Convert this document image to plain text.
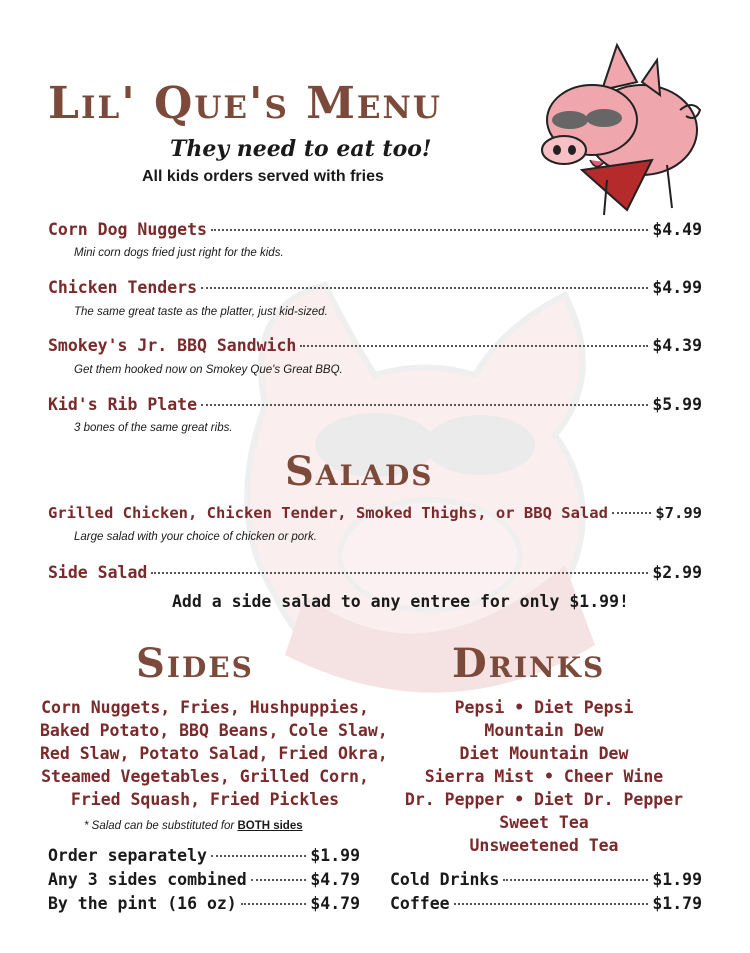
Lil' Que's Menu
They need to eat too!
All kids orders served with fries
Corn Dog Nuggets	$4.49
Mini corn dogs fried just right for the kids.
Chicken Tenders	$4.99
The same great taste as the platter, just kid-sized.
Smokey's Jr. BBQ Sandwich	$4.39
Get them hooked now on Smokey Que's Great BBQ.
Kid's Rib Plate	$5.99
3 bones of the same great ribs.
Salads
Grilled Chicken, Chicken Tender, Smoked Thighs, or BBQ Salad	$7.99
Large salad with your choice of chicken or pork.
Side Salad	$2.99
Add a side salad to any entree for only $1.99!
Sides
Corn Nuggets, Fries, Hushpuppies,
Baked Potato, BBQ Beans, Cole Slaw,
Red Slaw, Potato Salad, Fried Okra,
Steamed Vegetables, Grilled Corn,
Fried Squash, Fried Pickles
* Salad can be substituted for BOTH sides
Order separately	$1.99
Any 3 sides combined	$4.79
By the pint (16 oz)	$4.79
Drinks
Pepsi • Diet Pepsi
Mountain Dew
Diet Mountain Dew
Sierra Mist • Cheer Wine
Dr. Pepper • Diet Dr. Pepper
Sweet Tea
Unsweetened Tea
Cold Drinks	$1.99
Coffee	$1.79
